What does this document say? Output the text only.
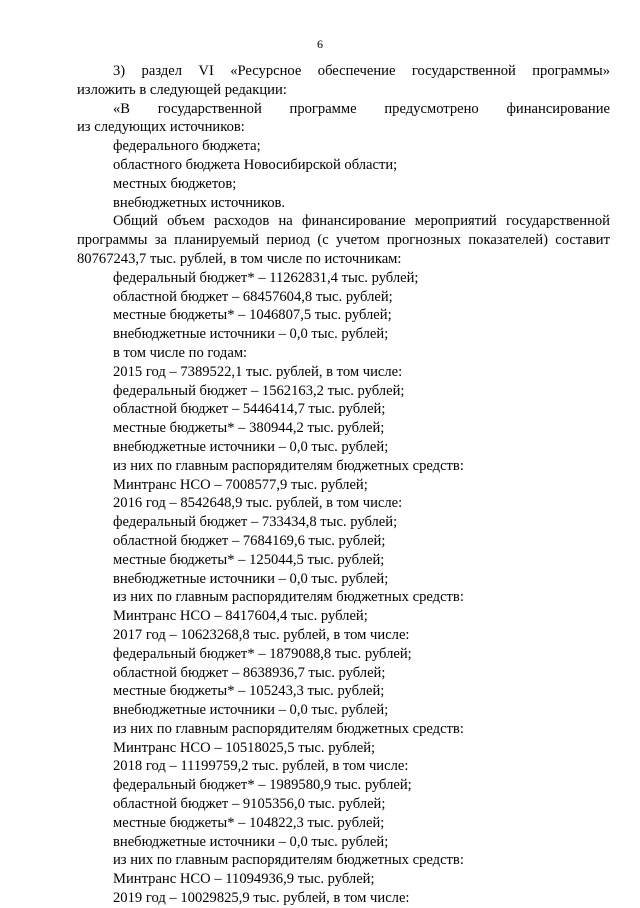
6
3) раздел VI «Ресурсное обеспечение государственной программы»
изложить в следующей редакции:
«В государственной программе предусмотрено финансирование
из следующих источников:
федерального бюджета;
областного бюджета Новосибирской области;
местных бюджетов;
внебюджетных источников.
Общий объем расходов на финансирование мероприятий государственной
программы за планируемый период (с учетом прогнозных показателей) составит
80767243,7 тыс. рублей, в том числе по источникам:
федеральный бюджет* – 11262831,4 тыс. рублей;
областной бюджет – 68457604,8 тыс. рублей;
местные бюджеты* – 1046807,5 тыс. рублей;
внебюджетные источники – 0,0 тыс. рублей;
в том числе по годам:
2015 год – 7389522,1 тыс. рублей, в том числе:
федеральный бюджет – 1562163,2 тыс. рублей;
областной бюджет – 5446414,7 тыс. рублей;
местные бюджеты* – 380944,2 тыс. рублей;
внебюджетные источники – 0,0 тыс. рублей;
из них по главным распорядителям бюджетных средств:
Минтранс НСО – 7008577,9 тыс. рублей;
2016 год – 8542648,9 тыс. рублей, в том числе:
федеральный бюджет – 733434,8 тыс. рублей;
областной бюджет – 7684169,6 тыс. рублей;
местные бюджеты* – 125044,5 тыс. рублей;
внебюджетные источники – 0,0 тыс. рублей;
из них по главным распорядителям бюджетных средств:
Минтранс НСО – 8417604,4 тыс. рублей;
2017 год – 10623268,8 тыс. рублей, в том числе:
федеральный бюджет* – 1879088,8 тыс. рублей;
областной бюджет – 8638936,7 тыс. рублей;
местные бюджеты* – 105243,3 тыс. рублей;
внебюджетные источники – 0,0 тыс. рублей;
из них по главным распорядителям бюджетных средств:
Минтранс НСО – 10518025,5 тыс. рублей;
2018 год – 11199759,2 тыс. рублей, в том числе:
федеральный бюджет* – 1989580,9 тыс. рублей;
областной бюджет – 9105356,0 тыс. рублей;
местные бюджеты* – 104822,3 тыс. рублей;
внебюджетные источники – 0,0 тыс. рублей;
из них по главным распорядителям бюджетных средств:
Минтранс НСО – 11094936,9 тыс. рублей;
2019 год – 10029825,9 тыс. рублей, в том числе:
